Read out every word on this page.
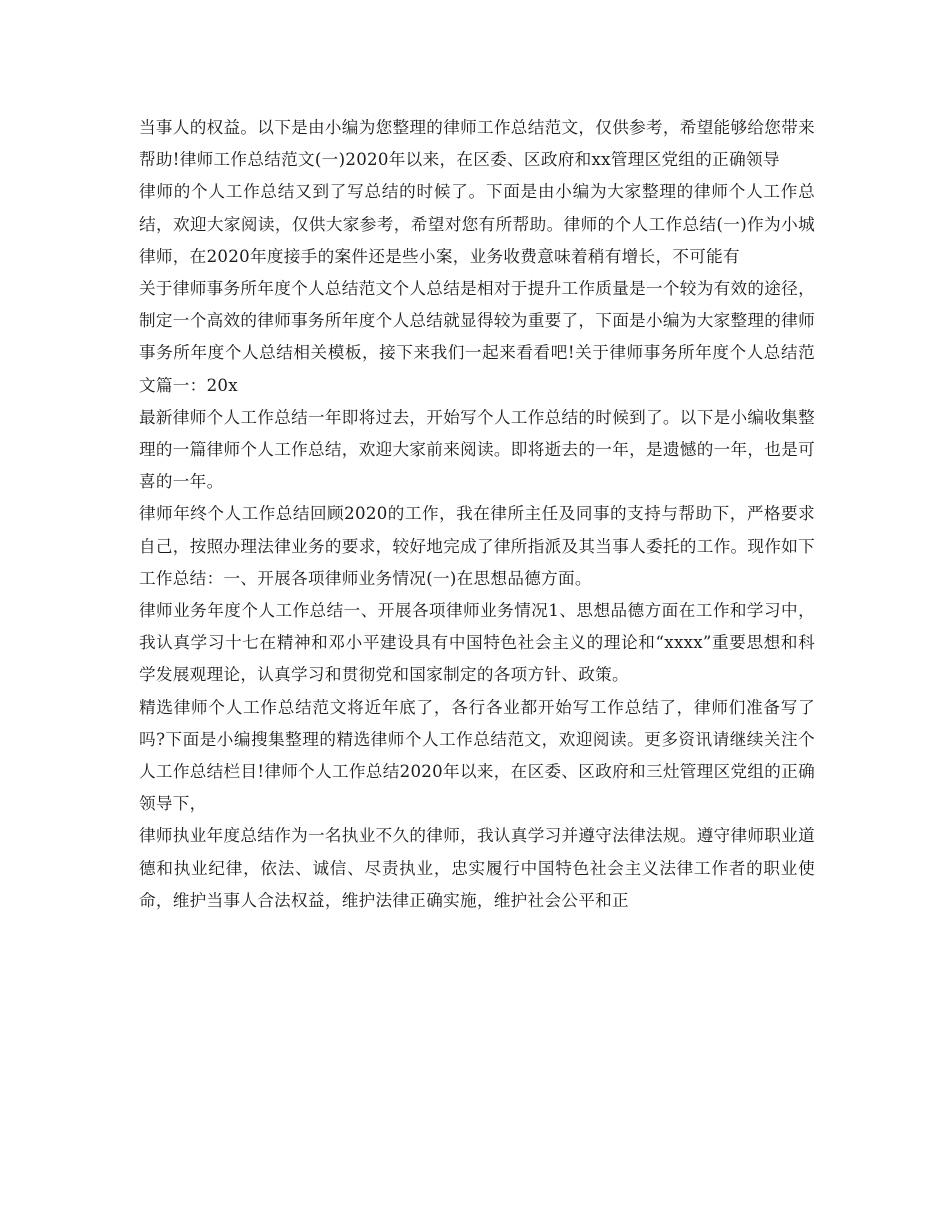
当事人的权益。以下是由小编为您整理的律师工作总结范文，仅供参考，希望能够给您带来帮助!律师工作总结范文(一)2020年以来，在区委、区政府和xx管理区党组的正确领导

律师的个人工作总结又到了写总结的时候了。下面是由小编为大家整理的律师个人工作总结，欢迎大家阅读，仅供大家参考，希望对您有所帮助。律师的个人工作总结(一)作为小城律师，在2020年度接手的案件还是些小案，业务收费意味着稍有增长，不可能有

关于律师事务所年度个人总结范文个人总结是相对于提升工作质量是一个较为有效的途径，制定一个高效的律师事务所年度个人总结就显得较为重要了，下面是小编为大家整理的律师事务所年度个人总结相关模板，接下来我们一起来看看吧!关于律师事务所年度个人总结范文篇一：20x

最新律师个人工作总结一年即将过去，开始写个人工作总结的时候到了。以下是小编收集整理的一篇律师个人工作总结，欢迎大家前来阅读。即将逝去的一年，是遗憾的一年，也是可喜的一年。

律师年终个人工作总结回顾2020的工作，我在律所主任及同事的支持与帮助下，严格要求自己，按照办理法律业务的要求，较好地完成了律所指派及其当事人委托的工作。现作如下工作总结：一、开展各项律师业务情况(一)在思想品德方面。

律师业务年度个人工作总结一、开展各项律师业务情况1、思想品德方面在工作和学习中，我认真学习十七在精神和邓小平建设具有中国特色社会主义的理论和“xxxx”重要思想和科学发展观理论，认真学习和贯彻党和国家制定的各项方针、政策。

精选律师个人工作总结范文将近年底了，各行各业都开始写工作总结了，律师们准备写了吗?下面是小编搜集整理的精选律师个人工作总结范文，欢迎阅读。更多资讯请继续关注个人工作总结栏目!律师个人工作总结2020年以来，在区委、区政府和三灶管理区党组的正确领导下，

律师执业年度总结作为一名执业不久的律师，我认真学习并遵守法律法规。遵守律师职业道德和执业纪律，依法、诚信、尽责执业，忠实履行中国特色社会主义法律工作者的职业使命，维护当事人合法权益，维护法律正确实施，维护社会公平和正
